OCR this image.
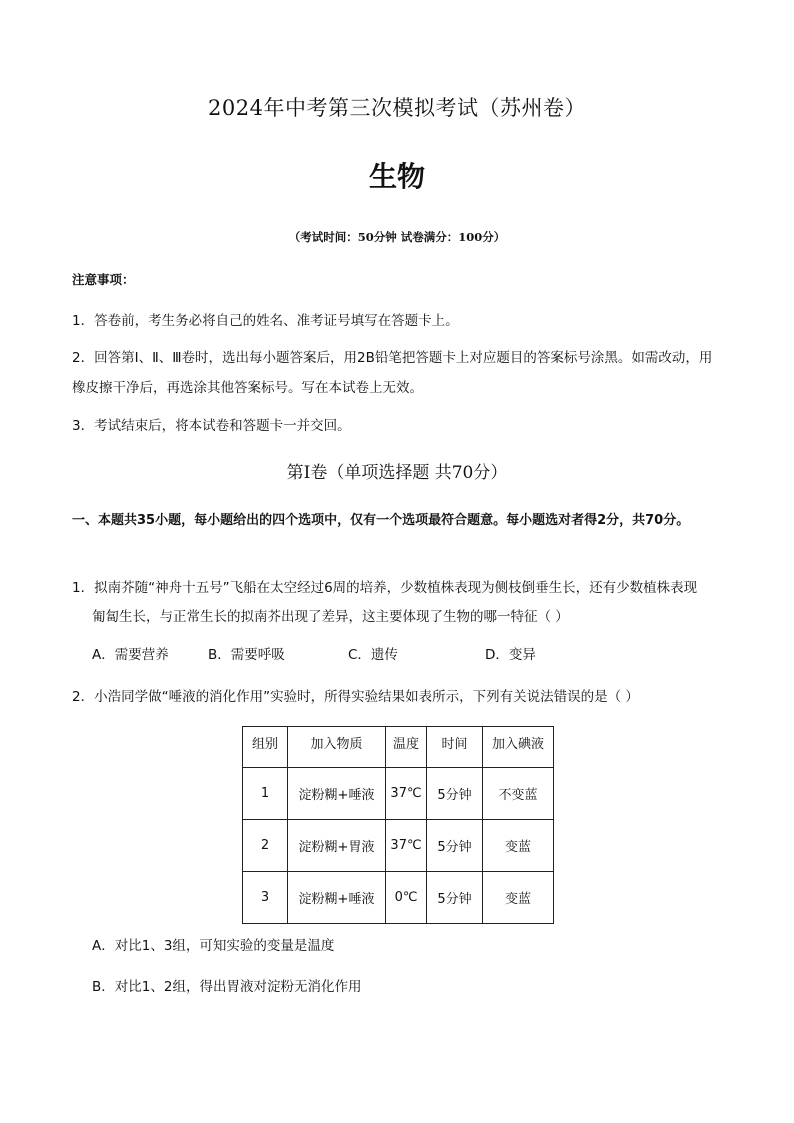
2024年中考第三次模拟考试（苏州卷）
生物
（考试时间：50分钟 试卷满分：100分）
注意事项：
1．答卷前，考生务必将自己的姓名、准考证号填写在答题卡上。
2．回答第Ⅰ、Ⅱ、Ⅲ卷时，选出每小题答案后，用2B铅笔把答题卡上对应题目的答案标号涂黑。如需改动，用橡皮擦干净后，再选涂其他答案标号。写在本试卷上无效。
3．考试结束后，将本试卷和答题卡一并交回。
第Ⅰ卷（单项选择题 共70分）
一、本题共35小题，每小题给出的四个选项中，仅有一个选项最符合题意。每小题选对者得2分，共70分。
1．拟南芥随“神舟十五号”飞船在太空经过6周的培养，少数植株表现为侧枝倒垂生长，还有少数植株表现
匍匐生长，与正常生长的拟南芥出现了差异，这主要体现了生物的哪一特征（ ）
A．需要营养	B．需要呼吸	C．遗传	D．变异
2．小浩同学做“唾液的消化作用”实验时，所得实验结果如表所示，下列有关说法错误的是（ ）
组别	加入物质	温度	时间	加入碘液
1	淀粉糊+唾液	37℃	5分钟	不变蓝
2	淀粉糊+胃液	37℃	5分钟	变蓝
3	淀粉糊+唾液	0℃	5分钟	变蓝
A．对比1、3组，可知实验的变量是温度
B．对比1、2组，得出胃液对淀粉无消化作用
